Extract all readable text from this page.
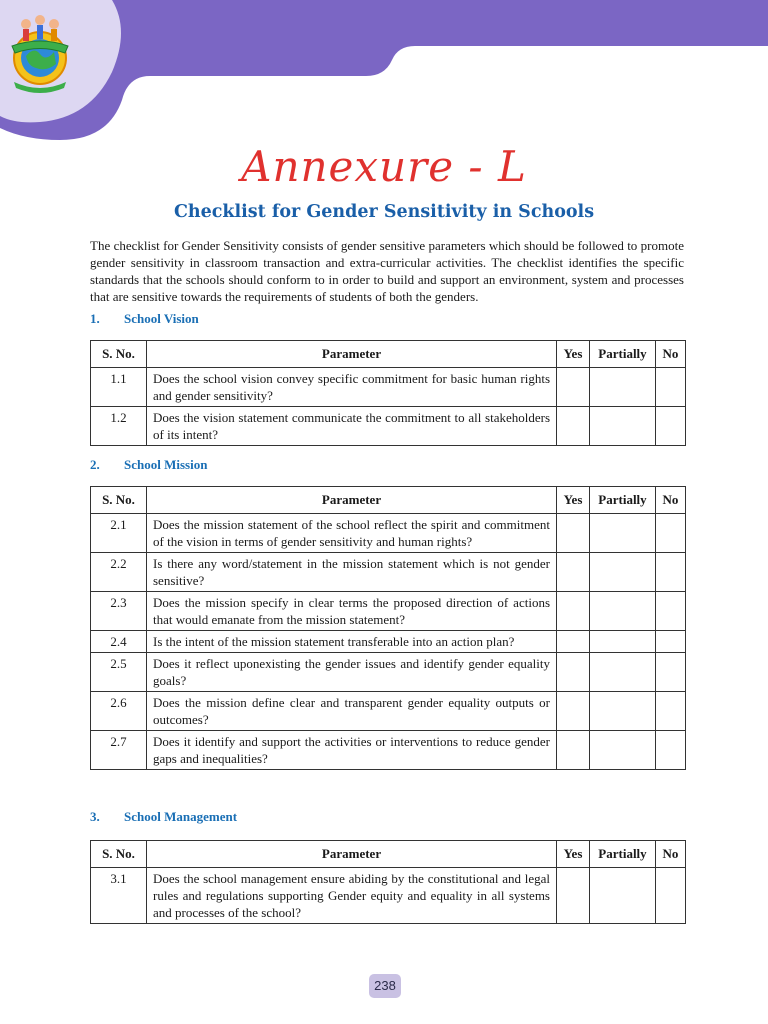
Annexure - L
Checklist for Gender Sensitivity in Schools

The checklist for Gender Sensitivity consists of gender sensitive parameters which should be followed to promote gender sensitivity in classroom transaction and extra-curricular activities. The checklist identifies the specific standards that the schools should conform to in order to build and support an environment, system and processes that are sensitive towards the requirements of students of both the genders.

1. School Vision
S. No.	Parameter	Yes	Partially	No
1.1	Does the school vision convey specific commitment for basic human rights and gender sensitivity?			
1.2	Does the vision statement communicate the commitment to all stakeholders of its intent?			
2. School Mission
S. No.	Parameter	Yes	Partially	No
2.1	Does the mission statement of the school reflect the spirit and commitment of the vision in terms of gender sensitivity and human rights?			
2.2	Is there any word/statement in the mission statement which is not gender sensitive?			
2.3	Does the mission specify in clear terms the proposed direction of actions that would emanate from the mission statement?			
2.4	Is the intent of the mission statement transferable into an action plan?			
2.5	Does it reflect uponexisting the gender issues and identify gender equality goals?			
2.6	Does the mission define clear and transparent gender equality outputs or outcomes?			
2.7	Does it identify and support the activities or interventions to reduce gender gaps and inequalities?			
3. School Management
S. No.	Parameter	Yes	Partially	No
3.1	Does the school management ensure abiding by the constitutional and legal rules and regulations supporting Gender equity and equality in all systems and processes of the school?			
238
